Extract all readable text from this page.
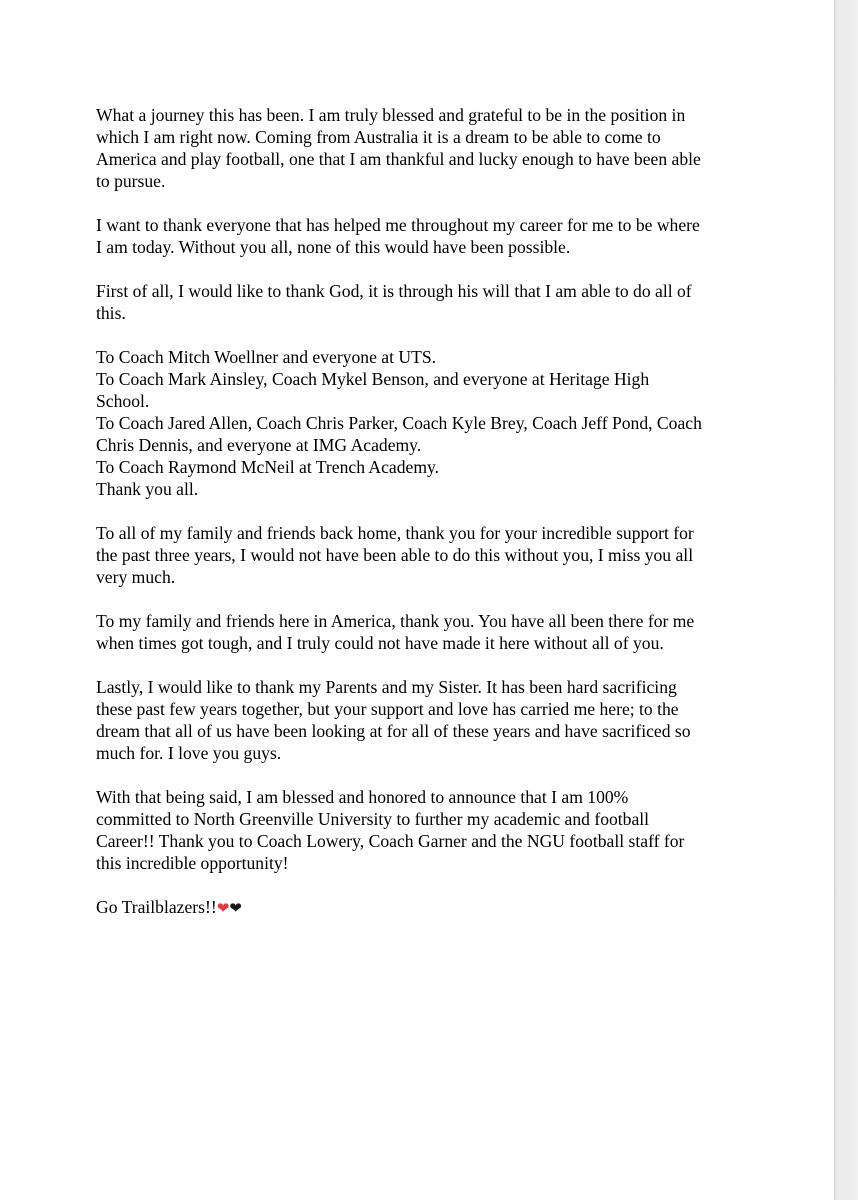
What a journey this has been. I am truly blessed and grateful to be in the position in
which I am right now. Coming from Australia it is a dream to be able to come to
America and play football, one that I am thankful and lucky enough to have been able
to pursue.

I want to thank everyone that has helped me throughout my career for me to be where
I am today. Without you all, none of this would have been possible.

First of all, I would like to thank God, it is through his will that I am able to do all of
this.

To Coach Mitch Woellner and everyone at UTS.
To Coach Mark Ainsley, Coach Mykel Benson, and everyone at Heritage High
School.
To Coach Jared Allen, Coach Chris Parker, Coach Kyle Brey, Coach Jeff Pond, Coach
Chris Dennis, and everyone at IMG Academy.
To Coach Raymond McNeil at Trench Academy.
Thank you all.

To all of my family and friends back home, thank you for your incredible support for
the past three years, I would not have been able to do this without you, I miss you all
very much.

To my family and friends here in America, thank you. You have all been there for me
when times got tough, and I truly could not have made it here without all of you.

Lastly, I would like to thank my Parents and my Sister. It has been hard sacrificing
these past few years together, but your support and love has carried me here; to the
dream that all of us have been looking at for all of these years and have sacrificed so
much for. I love you guys.

With that being said, I am blessed and honored to announce that I am 100%
committed to North Greenville University to further my academic and football
Career!! Thank you to Coach Lowery, Coach Garner and the NGU football staff for
this incredible opportunity!

Go Trailblazers!!❤❤
